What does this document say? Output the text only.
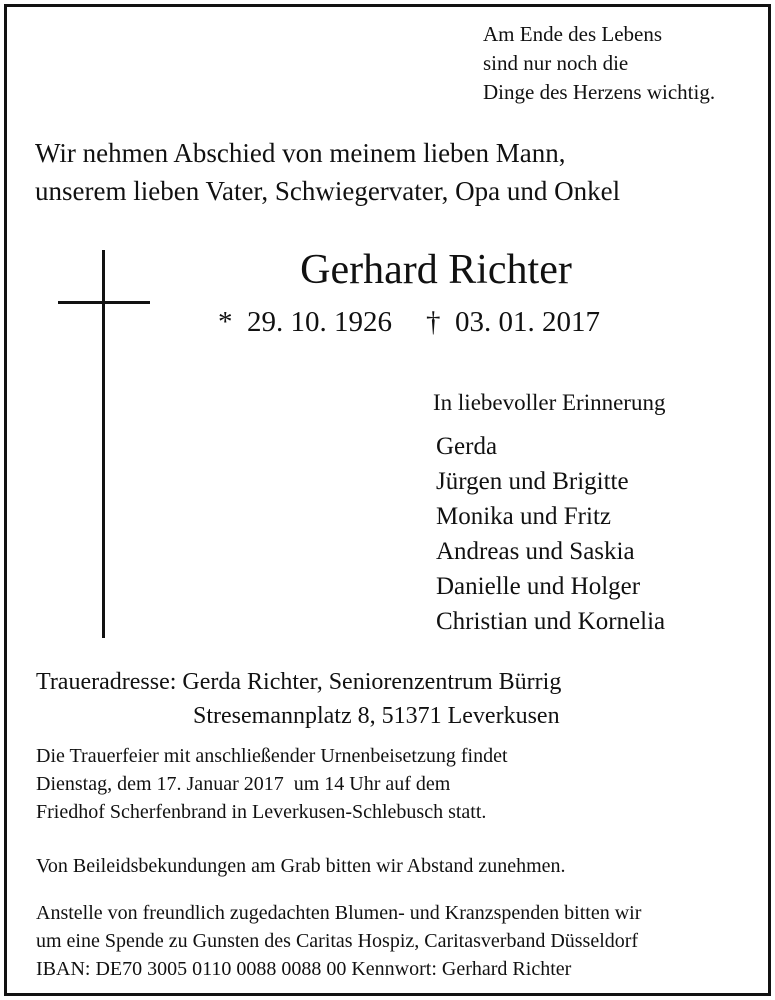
Am Ende des Lebens
sind nur noch die
Dinge des Herzens wichtig.
Wir nehmen Abschied von meinem lieben Mann,
unserem lieben Vater, Schwiegervater, Opa und Onkel
Gerhard Richter
* 29. 10. 1926 † 03. 01. 2017
In liebevoller Erinnerung
Gerda
Jürgen und Brigitte
Monika und Fritz
Andreas und Saskia
Danielle und Holger
Christian und Kornelia
Traueradresse: Gerda Richter, Seniorenzentrum Bürrig
Stresemannplatz 8, 51371 Leverkusen
Die Trauerfeier mit anschließender Urnenbeisetzung findet
Dienstag, dem 17. Januar 2017  um 14 Uhr auf dem
Friedhof Scherfenbrand in Leverkusen-Schlebusch statt.
Von Beileidsbekundungen am Grab bitten wir Abstand zunehmen.
Anstelle von freundlich zugedachten Blumen- und Kranzspenden bitten wir
um eine Spende zu Gunsten des Caritas Hospiz, Caritasverband Düsseldorf
IBAN: DE70 3005 0110 0088 0088 00 Kennwort: Gerhard Richter
